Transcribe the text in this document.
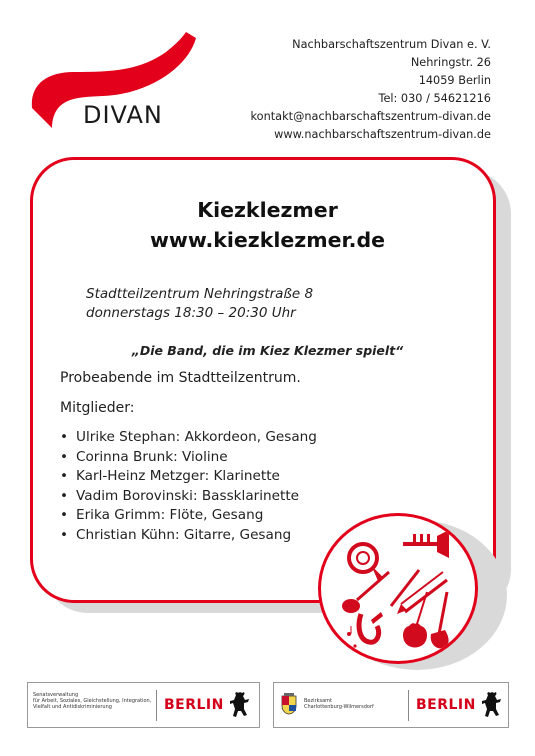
DIVAN
Nachbarschaftszentrum Divan e. V.
Nehringstr. 26
14059 Berlin
Tel: 030 / 54621216
kontakt@nachbarschaftszentrum-divan.de
www.nachbarschaftszentrum-divan.de
Kiezklezmer
www.kiezklezmer.de
Stadtteilzentrum Nehringstraße 8
donnerstags 18:30 – 20:30 Uhr
„Die Band, die im Kiez Klezmer spielt“
Probeabende im Stadtteilzentrum.
Mitglieder:
• Ulrike Stephan: Akkordeon, Gesang
• Corinna Brunk: Violine
• Karl-Heinz Metzger: Klarinette
• Vadim Borovinski: Bassklarinette
• Erika Grimm: Flöte, Gesang
• Christian Kühn: Gitarre, Gesang
Senatsverwaltung
für Arbeit, Soziales, Gleichstellung, Integration,
Vielfalt und Antidiskriminierung	BERLIN	Bezirksamt
Charlottenburg-Wilmersdorf	BERLIN
